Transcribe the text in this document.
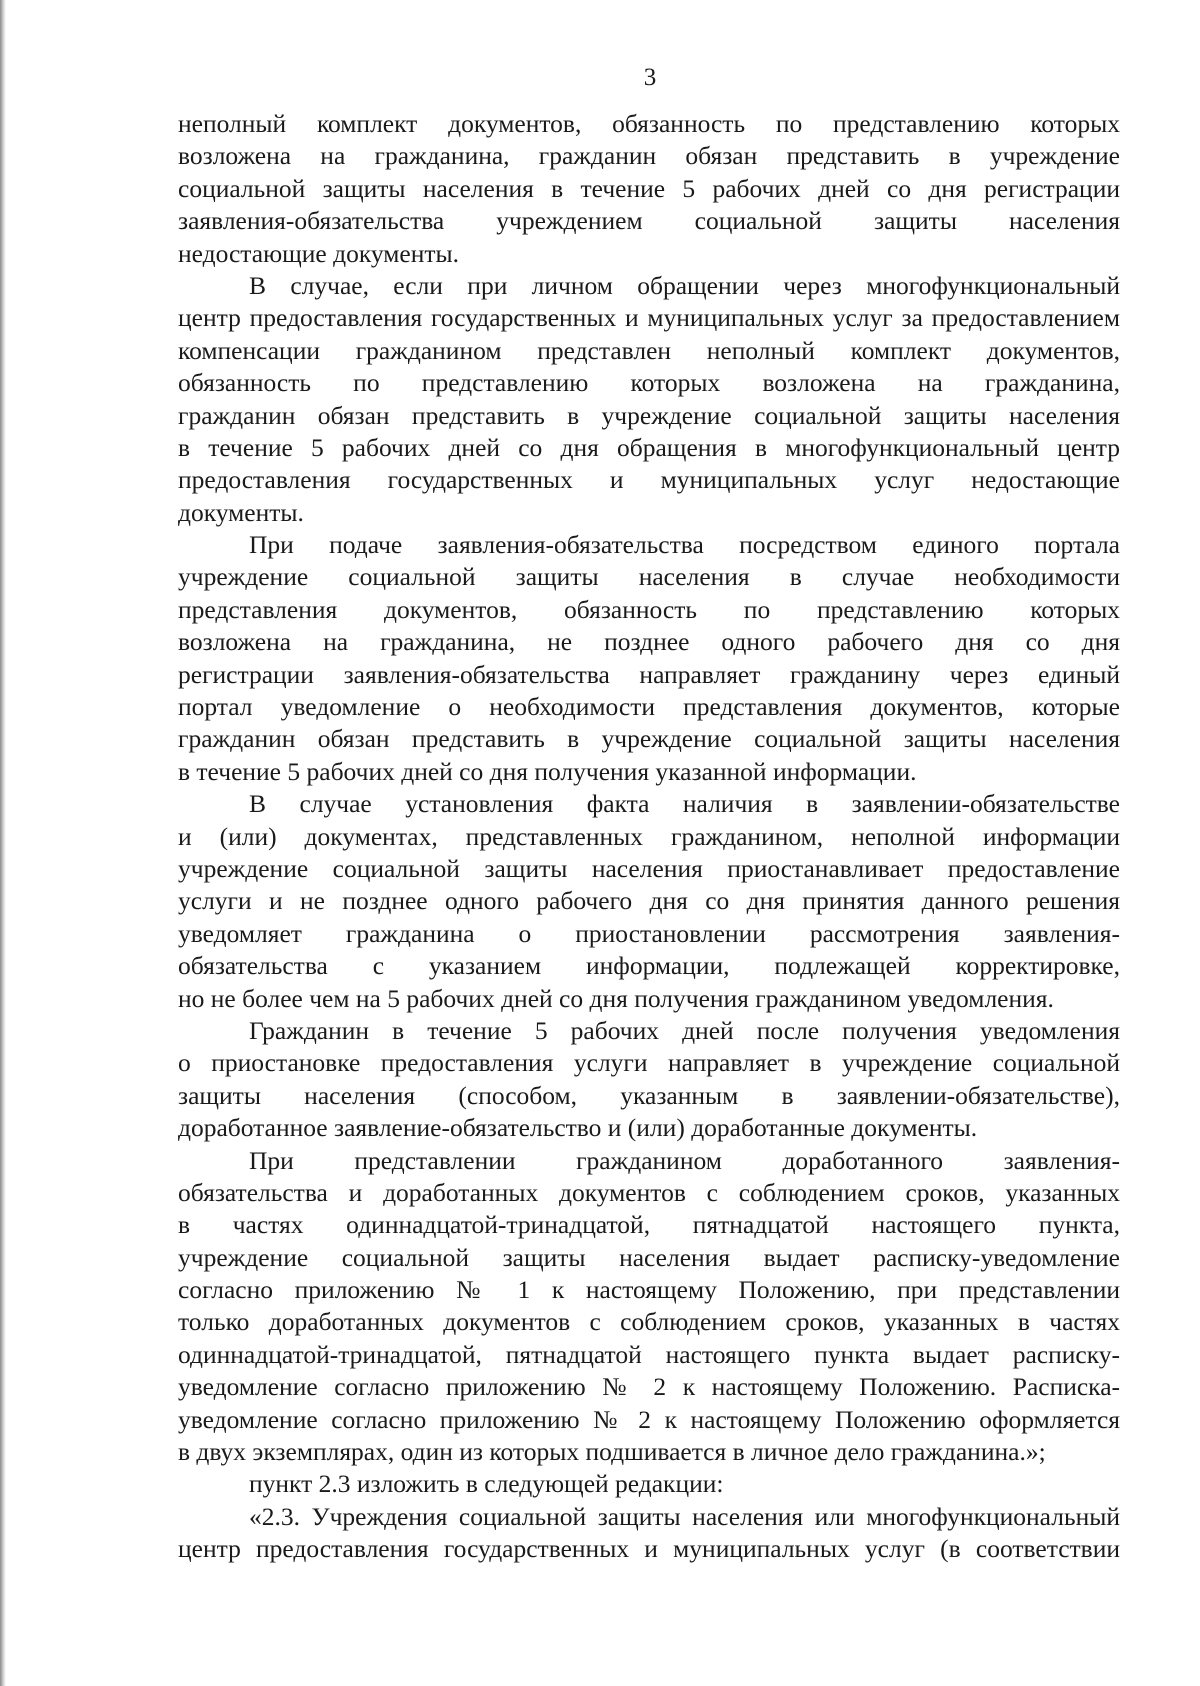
3
неполный комплект документов, обязанность по представлению которых
возложена на гражданина, гражданин обязан представить в учреждение
социальной защиты населения в течение 5 рабочих дней со дня регистрации
заявления-обязательства учреждением социальной защиты населения
недостающие документы.
В случае, если при личном обращении через многофункциональный
центр предоставления государственных и муниципальных услуг за предоставлением
компенсации гражданином представлен неполный комплект документов,
обязанность по представлению которых возложена на гражданина,
гражданин обязан представить в учреждение социальной защиты населения
в течение 5 рабочих дней со дня обращения в многофункциональный центр
предоставления государственных и муниципальных услуг недостающие
документы.
При подаче заявления-обязательства посредством единого портала
учреждение социальной защиты населения в случае необходимости
представления документов, обязанность по представлению которых
возложена на гражданина, не позднее одного рабочего дня со дня
регистрации заявления-обязательства направляет гражданину через единый
портал уведомление о необходимости представления документов, которые
гражданин обязан представить в учреждение социальной защиты населения
в течение 5 рабочих дней со дня получения указанной информации.
В случае установления факта наличия в заявлении-обязательстве
и (или) документах, представленных гражданином, неполной информации
учреждение социальной защиты населения приостанавливает предоставление
услуги и не позднее одного рабочего дня со дня принятия данного решения
уведомляет гражданина о приостановлении рассмотрения заявления-
обязательства с указанием информации, подлежащей корректировке,
но не более чем на 5 рабочих дней со дня получения гражданином уведомления.
Гражданин в течение 5 рабочих дней после получения уведомления
о приостановке предоставления услуги направляет в учреждение социальной
защиты населения (способом, указанным в заявлении-обязательстве),
доработанное заявление-обязательство и (или) доработанные документы.
При представлении гражданином доработанного заявления-
обязательства и доработанных документов с соблюдением сроков, указанных
в частях одиннадцатой-тринадцатой, пятнадцатой настоящего пункта,
учреждение социальной защиты населения выдает расписку-уведомление
согласно приложению № 1 к настоящему Положению, при представлении
только доработанных документов с соблюдением сроков, указанных в частях
одиннадцатой-тринадцатой, пятнадцатой настоящего пункта выдает расписку-
уведомление согласно приложению № 2 к настоящему Положению. Расписка-
уведомление согласно приложению № 2 к настоящему Положению оформляется
в двух экземплярах, один из которых подшивается в личное дело гражданина.»;
пункт 2.3 изложить в следующей редакции:
«2.3. Учреждения социальной защиты населения или многофункциональный
центр предоставления государственных и муниципальных услуг (в соответствии
